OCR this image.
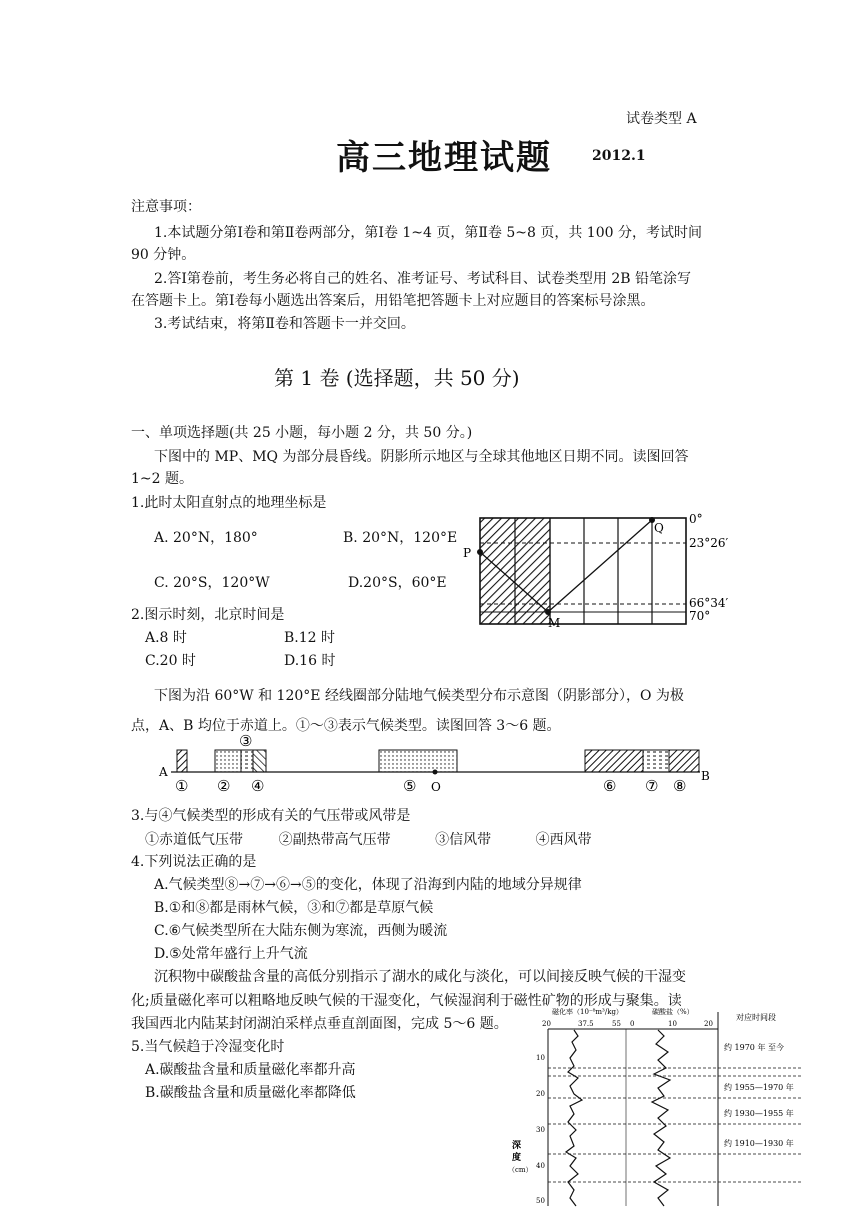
试卷类型 A
高三地理试题	2012.1
注意事项：
1.本试题分第Ⅰ卷和第Ⅱ卷两部分，第Ⅰ卷 1~4 页，第Ⅱ卷 5~8 页，共 100 分，考试时间
90 分钟。
2.答Ⅰ第卷前，考生务必将自己的姓名、准考证号、考试科目、试卷类型用 2B 铅笔涂写
在答题卡上。第Ⅰ卷每小题选出答案后，用铅笔把答题卡上对应题目的答案标号涂黑。
3.考试结束，将第Ⅱ卷和答题卡一并交回。
第 1 卷 (选择题，共 50 分)
一、单项选择题(共 25 小题，每小题 2 分，共 50 分。)
下图中的 MP、MQ 为部分晨昏线。阴影所示地区与全球其他地区日期不同。读图回答
1~2 题。
1.此时太阳直射点的地理坐标是
A. 20°N，180°	B. 20°N，120°E
C. 20°S，120°W	D.20°S，60°E
2.图示时刻，北京时间是
A.8 时	B.12 时
C.20 时	D.16 时
P
M
Q
0°
23°26′
66°34′
70°
下图为沿 60°W 和 120°E 经线圈部分陆地气候类型分布示意图（阴影部分），O 为极
点，A、B 均位于赤道上。①～③表示气候类型。读图回答 3～6 题。
A	B
O
① ②
③
④	⑤	⑥ ⑦ ⑧
3.与④气候类型的形成有关的气压带或风带是
①赤道低气压带        ②副热带高气压带          ③信风带          ④西风带
4.下列说法正确的是
A.气候类型⑧→⑦→⑥→⑤的变化，体现了沿海到内陆的地域分异规律
B.①和⑧都是雨林气候，③和⑦都是草原气候
C.⑥气候类型所在大陆东侧为寒流，西侧为暖流
D.⑤处常年盛行上升气流
沉积物中碳酸盐含量的高低分别指示了湖水的咸化与淡化，可以间接反映气候的干湿变
化;质量磁化率可以粗略地反映气候的干湿变化，气候湿润利于磁性矿物的形成与聚集。读
我国西北内陆某封闭湖泊采样点垂直剖面图，完成 5～6 题。
5.当气候趋于冷湿变化时
A.碳酸盐含量和质量磁化率都升高
B.碳酸盐含量和质量磁化率都降低
磁化率（10⁻⁸m³/kg）	碳酸盐（%）
对应时间段
20	37.5	55 0	10	20
10
20
30
40
50
深
度
（cm）
约 1970 年 至今
约 1955—1970 年
约 1930—1955 年
约 1910—1930 年
